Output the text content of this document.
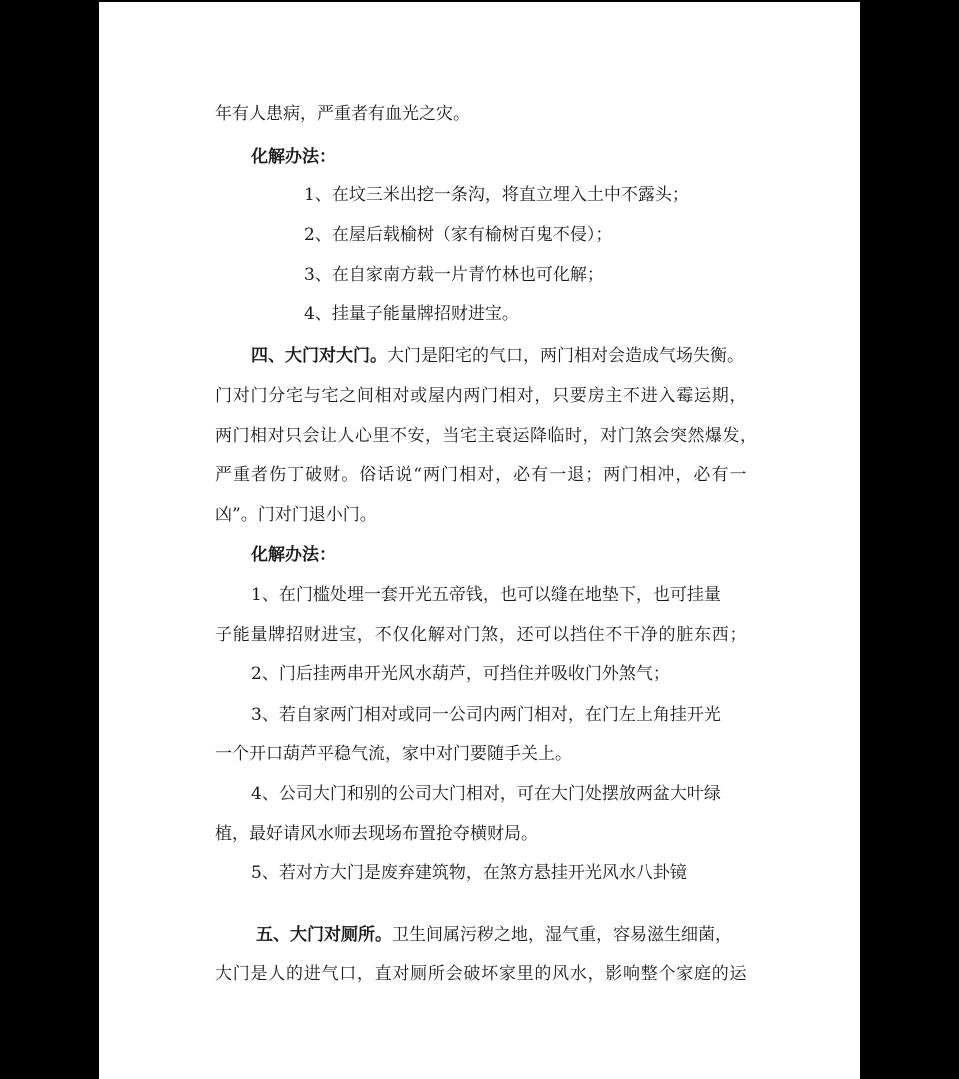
年有人患病，严重者有血光之灾。

化解办法：

1、在坟三米出挖一条沟，将直立埋入土中不露头；

2、在屋后载榆树（家有榆树百鬼不侵）；

3、在自家南方载一片青竹林也可化解；

4、挂量子能量牌招财进宝。

四、大门对大门。大门是阳宅的气口，两门相对会造成气场失衡。

门对门分宅与宅之间相对或屋内两门相对，只要房主不进入霉运期，

两门相对只会让人心里不安，当宅主衰运降临时，对门煞会突然爆发，

严重者伤丁破财。俗话说“两门相对，必有一退；两门相冲，必有一

凶”。门对门退小门。

化解办法：

1、在门槛处埋一套开光五帝钱，也可以缝在地垫下，也可挂量

子能量牌招财进宝，不仅化解对门煞，还可以挡住不干净的脏东西；

2、门后挂两串开光风水葫芦，可挡住并吸收门外煞气；

3、若自家两门相对或同一公司内两门相对，在门左上角挂开光

一个开口葫芦平稳气流，家中对门要随手关上。

4、公司大门和别的公司大门相对，可在大门处摆放两盆大叶绿

植，最好请风水师去现场布置抢夺横财局。

5、若对方大门是废弃建筑物，在煞方悬挂开光风水八卦镜

五、大门对厕所。卫生间属污秽之地，湿气重，容易滋生细菌，

大门是人的进气口，直对厕所会破坏家里的风水，影响整个家庭的运
